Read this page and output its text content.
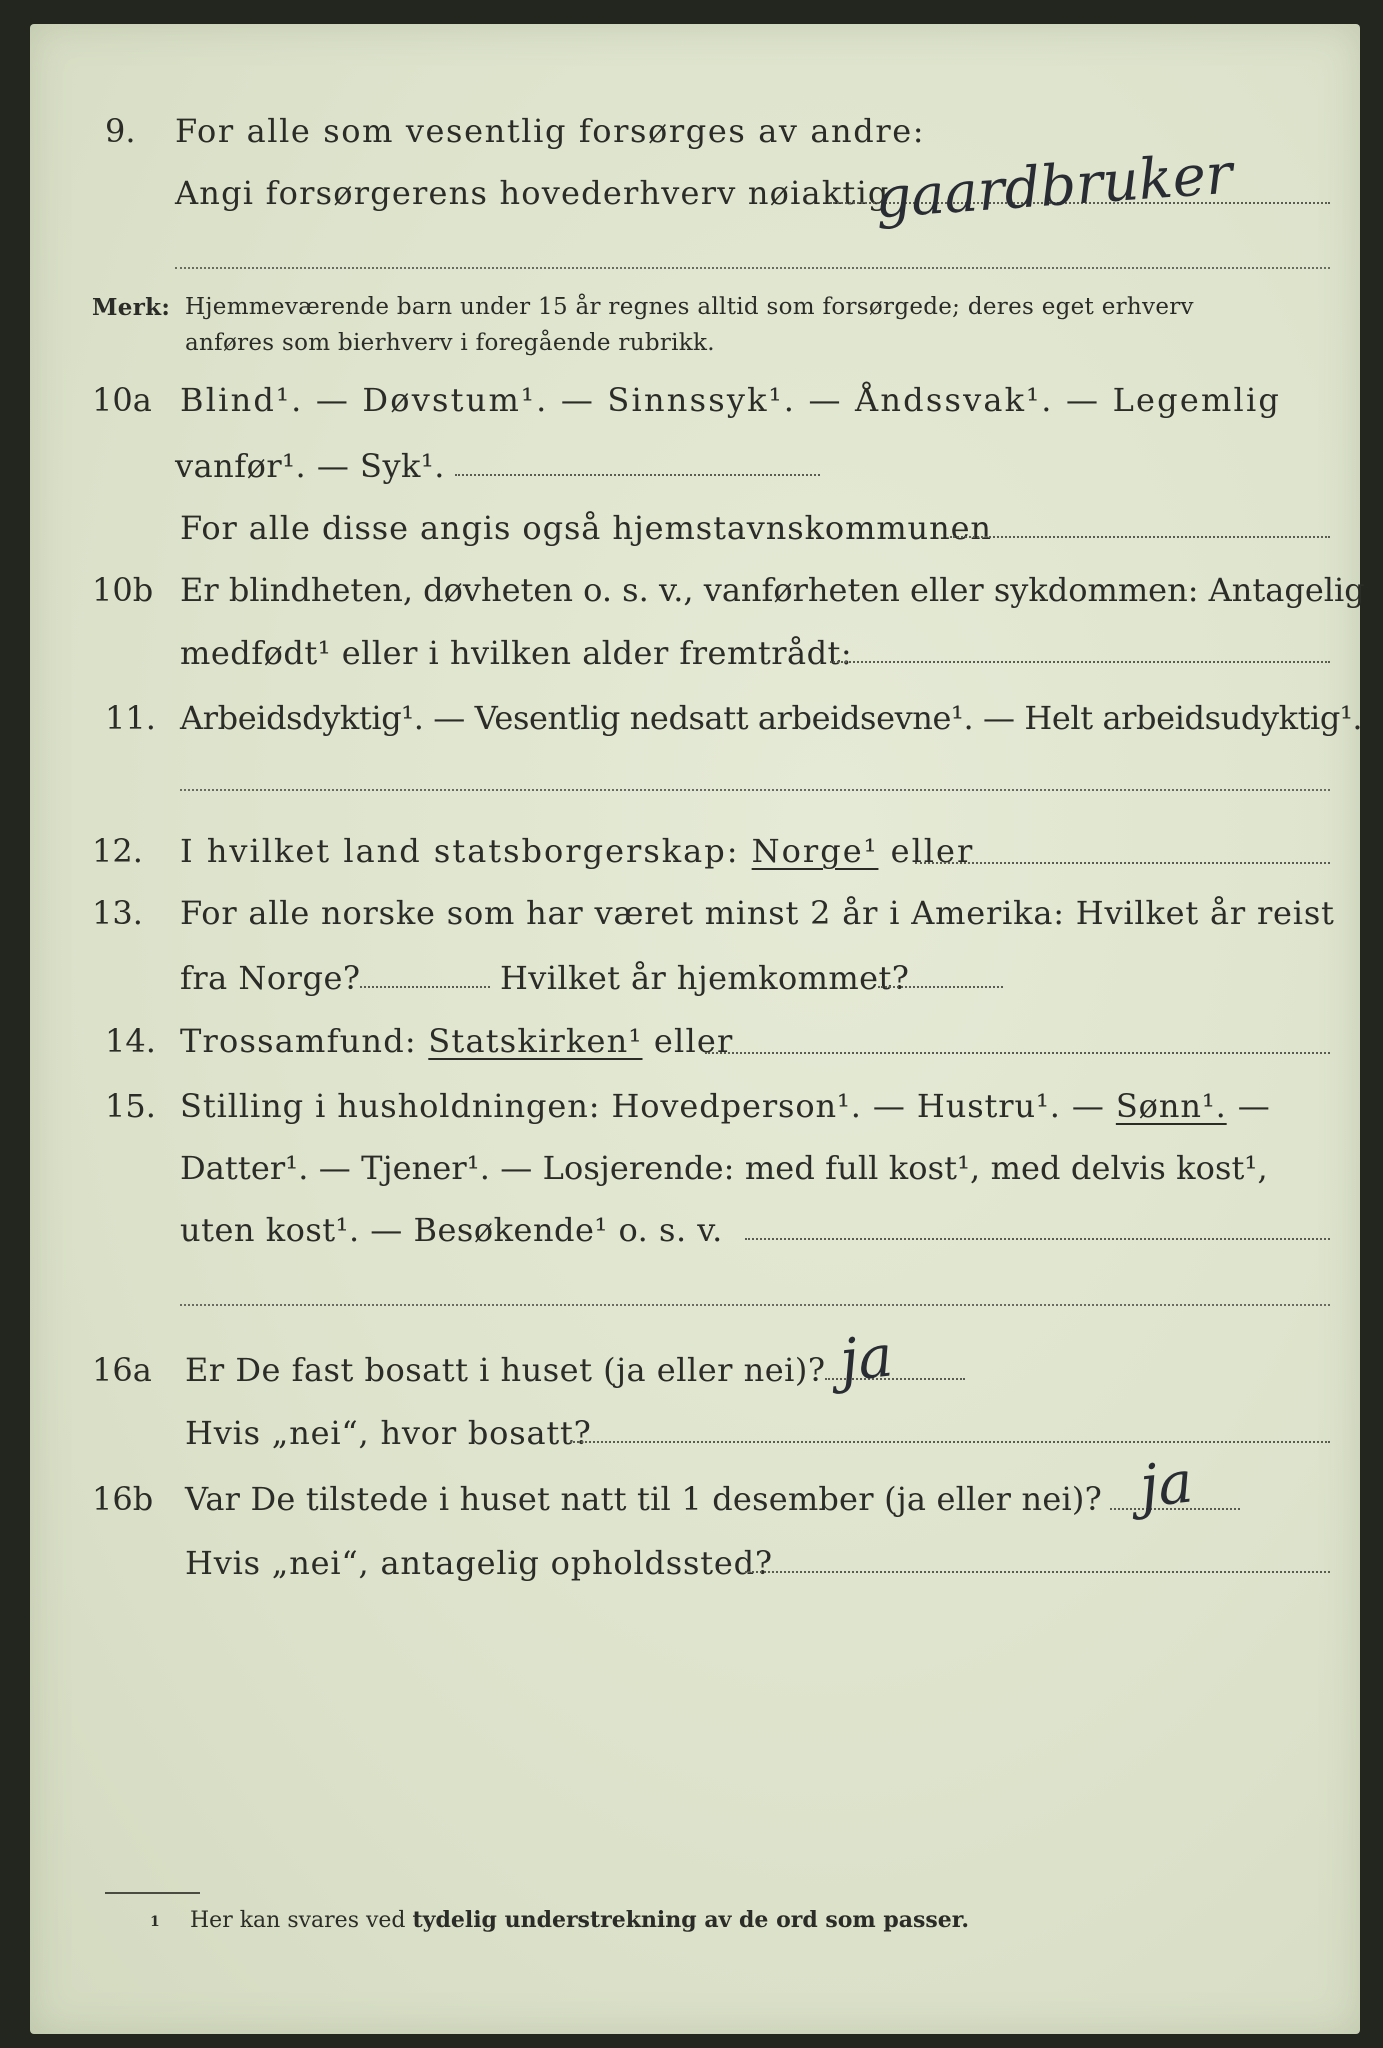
9. For alle som vesentlig forsørges av andre:
Angi forsørgerens hovederhverv nøiaktig
gaardbruker
Merk: Hjemmeværende barn under 15 år regnes alltid som forsørgede; deres eget erhverv
anføres som bierhverv i foregående rubrikk.
10a Blind¹. — Døvstum¹. — Sinnssyk¹. — Åndssvak¹. — Legemlig
vanfør¹. — Syk¹.
For alle disse angis også hjemstavnskommunen
10b Er blindheten, døvheten o. s. v., vanførheten eller sykdommen: Antagelig
medfødt¹ eller i hvilken alder fremtrådt:
11. Arbeidsdyktig¹. — Vesentlig nedsatt arbeidsevne¹. — Helt arbeidsudyktig¹.
12. I hvilket land statsborgerskap: Norge¹ eller
13. For alle norske som har været minst 2 år i Amerika: Hvilket år reist
fra Norge?	Hvilket år hjemkommet?
14. Trossamfund: Statskirken¹ eller
15. Stilling i husholdningen: Hovedperson¹. — Hustru¹. — Sønn¹. —
Datter¹. — Tjener¹. — Losjerende: med full kost¹, med delvis kost¹,
uten kost¹. — Besøkende¹ o. s. v.
16a Er De fast bosatt i huset (ja eller nei)? ja
Hvis „nei“, hvor bosatt?
16b Var De tilstede i huset natt til 1 desember (ja eller nei)? ja
Hvis „nei“, antagelig opholdssted?
1 Her kan svares ved tydelig understrekning av de ord som passer.
